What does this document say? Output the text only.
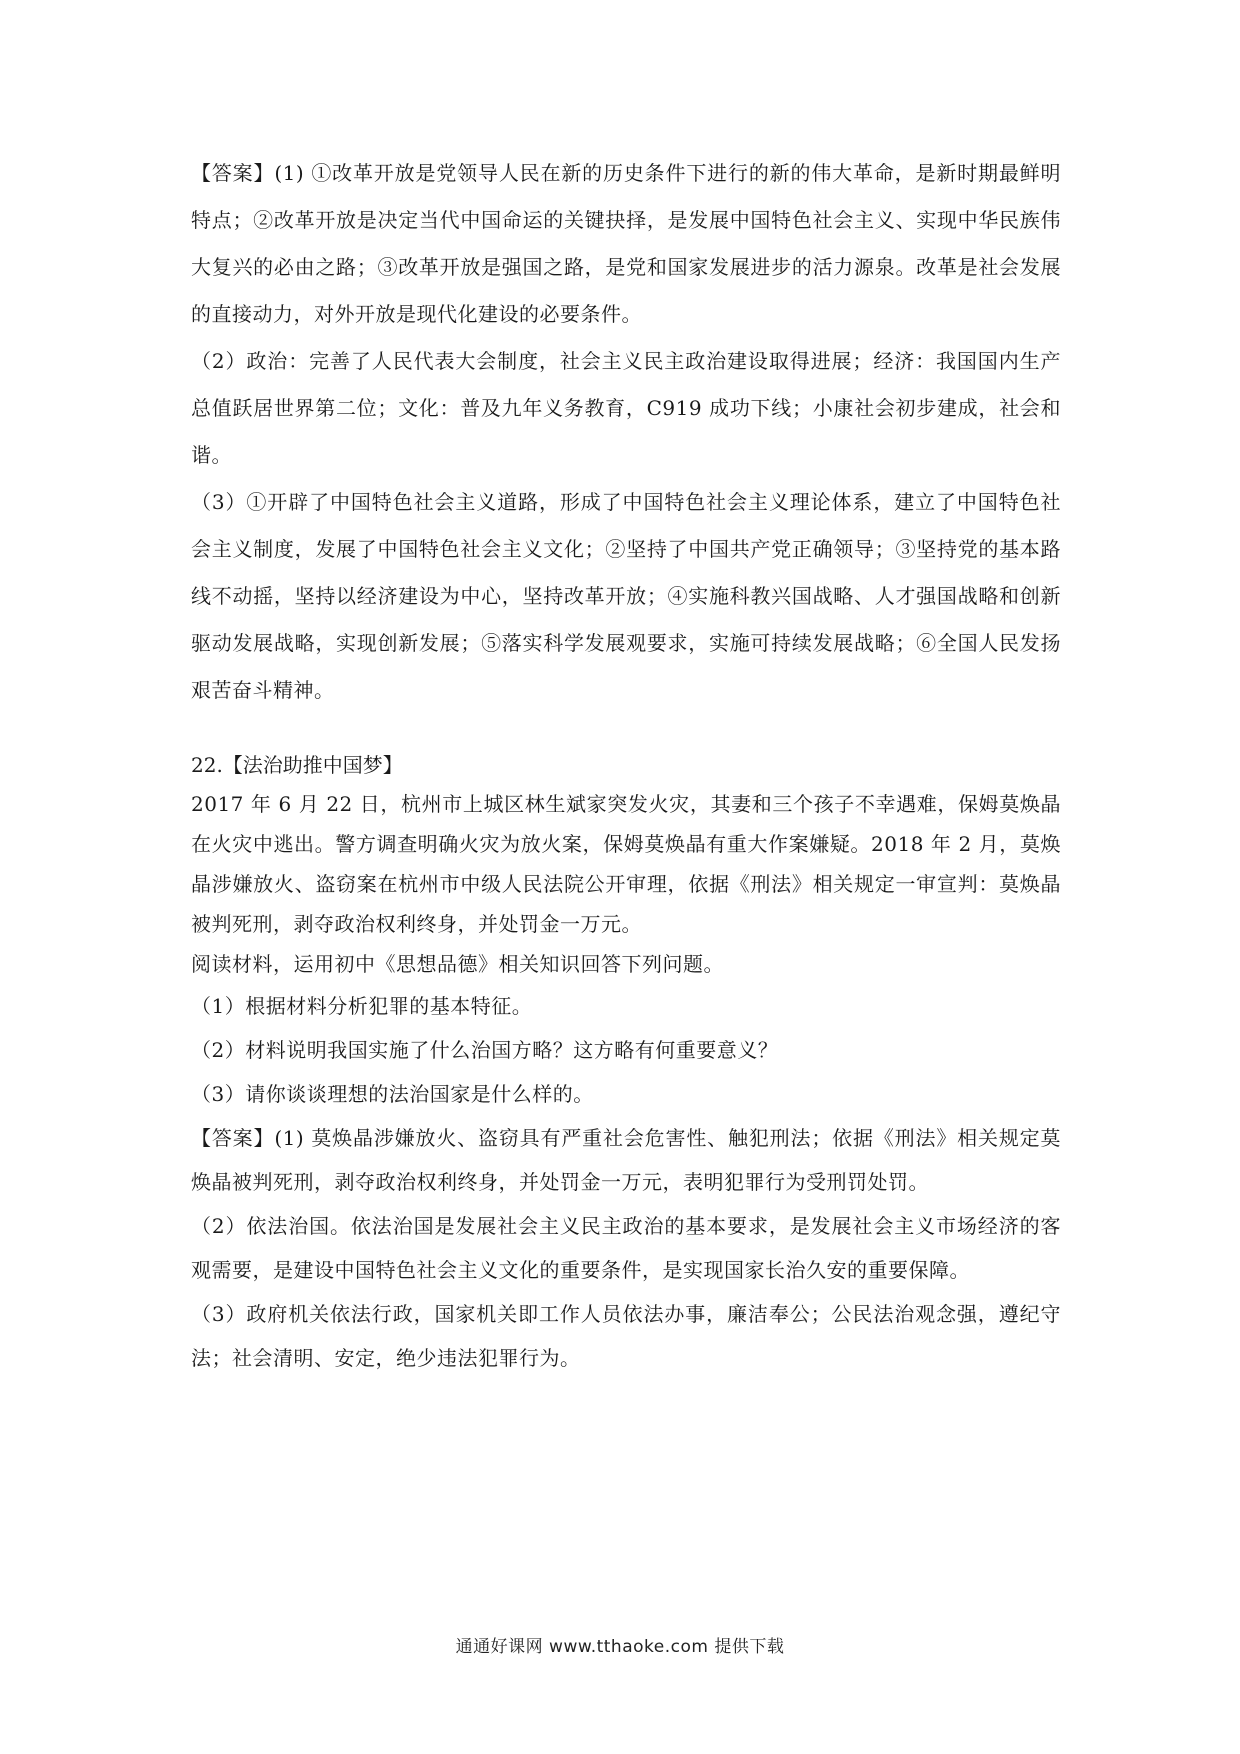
【答案】(1) ①改革开放是党领导人民在新的历史条件下进行的新的伟大革命，是新时期最鲜明特点；②改革开放是决定当代中国命运的关键抉择，是发展中国特色社会主义、实现中华民族伟大复兴的必由之路；③改革开放是强国之路，是党和国家发展进步的活力源泉。改革是社会发展的直接动力，对外开放是现代化建设的必要条件。

（2）政治：完善了人民代表大会制度，社会主义民主政治建设取得进展；经济：我国国内生产总值跃居世界第二位；文化：普及九年义务教育，C919 成功下线；小康社会初步建成，社会和谐。

（3）①开辟了中国特色社会主义道路，形成了中国特色社会主义理论体系，建立了中国特色社会主义制度，发展了中国特色社会主义文化；②坚持了中国共产党正确领导；③坚持党的基本路线不动摇，坚持以经济建设为中心，坚持改革开放；④实施科教兴国战略、人才强国战略和创新驱动发展战略，实现创新发展；⑤落实科学发展观要求，实施可持续发展战略；⑥全国人民发扬艰苦奋斗精神。

22.【法治助推中国梦】

2017 年 6 月 22 日，杭州市上城区林生斌家突发火灾，其妻和三个孩子不幸遇难，保姆莫焕晶在火灾中逃出。警方调查明确火灾为放火案，保姆莫焕晶有重大作案嫌疑。2018 年 2 月，莫焕晶涉嫌放火、盗窃案在杭州市中级人民法院公开审理，依据《刑法》相关规定一审宣判：莫焕晶被判死刑，剥夺政治权利终身，并处罚金一万元。

阅读材料，运用初中《思想品德》相关知识回答下列问题。

（1）根据材料分析犯罪的基本特征。

（2）材料说明我国实施了什么治国方略？这方略有何重要意义？

（3）请你谈谈理想的法治国家是什么样的。

【答案】(1) 莫焕晶涉嫌放火、盗窃具有严重社会危害性、触犯刑法；依据《刑法》相关规定莫焕晶被判死刑，剥夺政治权利终身，并处罚金一万元，表明犯罪行为受刑罚处罚。

（2）依法治国。依法治国是发展社会主义民主政治的基本要求，是发展社会主义市场经济的客观需要，是建设中国特色社会主义文化的重要条件，是实现国家长治久安的重要保障。

（3）政府机关依法行政，国家机关即工作人员依法办事，廉洁奉公；公民法治观念强，遵纪守法；社会清明、安定，绝少违法犯罪行为。

通通好课网 www.tthaoke.com 提供下载
